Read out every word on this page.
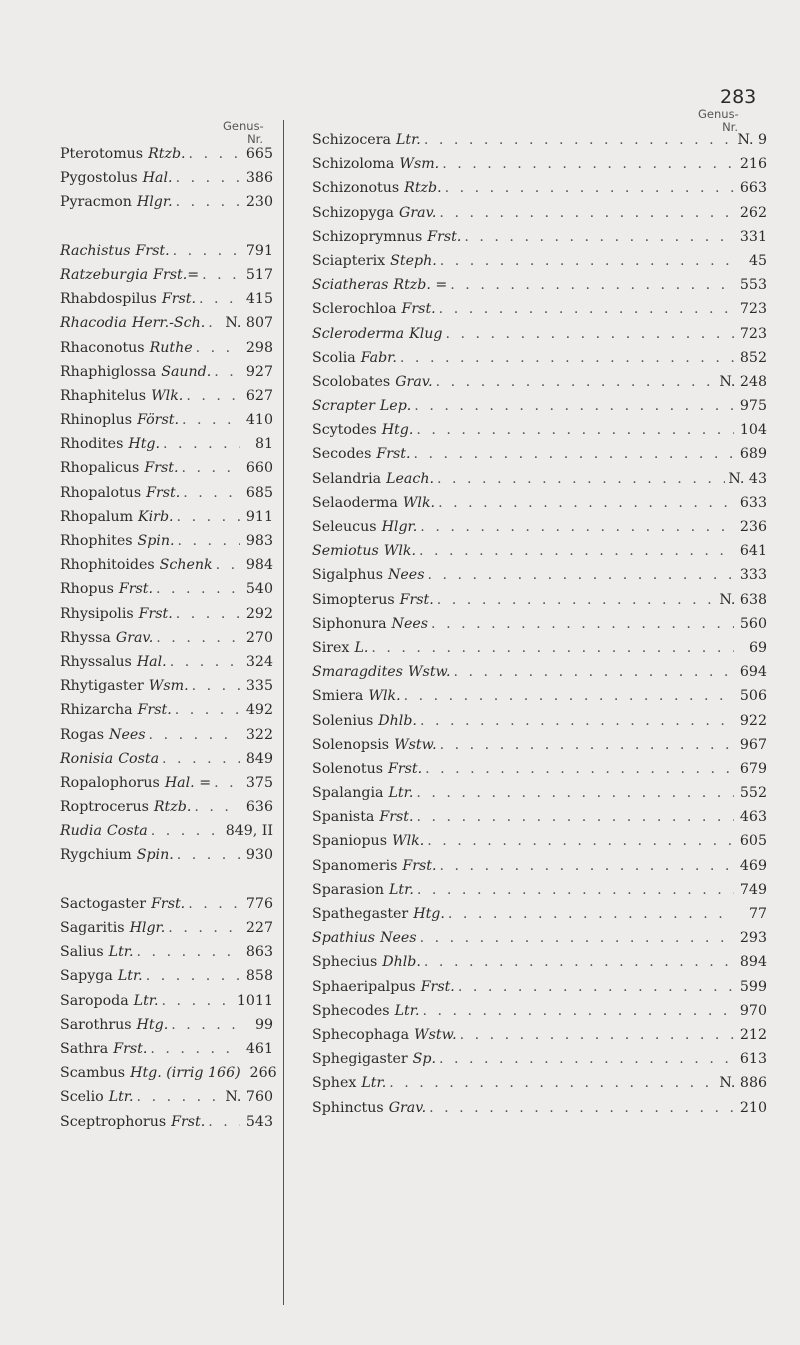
283
Genus-
Nr.
Genus-
Nr.
Pterotomus Rtzb. . . .	665
Pygostolus Hal. . . .	386
Pyracmon Hlgr. . . .	230
Rachistus Frst. . . .	791
Ratzeburgia Frst.= . . .	517
Rhabdospilus Frst. . . .	415
Rhacodia Herr.-Sch. . . . N. 807
Rhaconotus Ruthe . . .	298
Rhaphiglossa Saund. . . . 927
Rhaphitelus Wlk. . . .	627
Rhinoplus Först. . . .	410
Rhodites Htg. . . .	81
Rhopalicus Frst. . . .	660
Rhopalotus Frst. . . .	685
Rhopalum Kirb. . . .	911
Rhophites Spin. . . .	983
Rhophitoides Schenk . . . 984
Rhopus Frst. . . .	540
Rhysipolis Frst. . . .	292
Rhyssa Grav. . . .	270
Rhyssalus Hal. . . .	324
Rhytigaster Wsm. . . .	335
Rhizarcha Frst. . . .	492
Rogas Nees . . .	322
Ronisia Costa . . .	849
Ropalophorus Hal. = . . . 375
Roptrocerus Rtzb. . . .	636
Rudia Costa . . .	849, II
Rygchium Spin. . . .	930
Sactogaster Frst. . . .	776
Sagaritis Hlgr. . . .	227
Salius Ltr. . . .	863
Sapyga Ltr. . . .	858
Saropoda Ltr. . . .	1011
Sarothrus Htg. . . .	99
Sathra Frst. . . .	461
Scambus Htg. (irrig 166) 266
Scelio Ltr. . . .	N. 760
Sceptrophorus Frst. . . .	543
Schizocera Ltr. . . .	N. 9
Schizoloma Wsm. . . .	216
Schizonotus Rtzb. . . .	663
Schizopyga Grav. . . .	262
Schizoprymnus Frst. . . .	331
Sciapterix Steph. . . .	45
Sciatheras Rtzb. = . . .	553
Sclerochloa Frst. . . .	723
Scleroderma Klug . . .	723
Scolia Fabr. . . .	852
Scolobates Grav. . . .	N. 248
Scrapter Lep. . . .	975
Scytodes Htg. . . .	104
Secodes Frst. . . .	689
Selandria Leach. . . .	N. 43
Selaoderma Wlk. . . .	633
Seleucus Hlgr. . . .	236
Semiotus Wlk. . . .	641
Sigalphus Nees . . .	333
Simopterus Frst. . . .	N. 638
Siphonura Nees . . .	560
Sirex L. . . .	69
Smaragdites Wstw. . . .	694
Smiera Wlk. . . .	506
Solenius Dhlb. . . .	922
Solenopsis Wstw. . . .	967
Solenotus Frst. . . .	679
Spalangia Ltr. . . .	552
Spanista Frst. . . .	463
Spaniopus Wlk. . . .	605
Spanomeris Frst. . . .	469
Sparasion Ltr. . . .	749
Spathegaster Htg. . . .	77
Spathius Nees . . .	293
Sphecius Dhlb. . . .	894
Sphaeripalpus Frst. . . .	599
Sphecodes Ltr. . . .	970
Sphecophaga Wstw. . . .	212
Sphegigaster Sp. . . .	613
Sphex Ltr. . . .	N. 886
Sphinctus Grav. . . .	210
